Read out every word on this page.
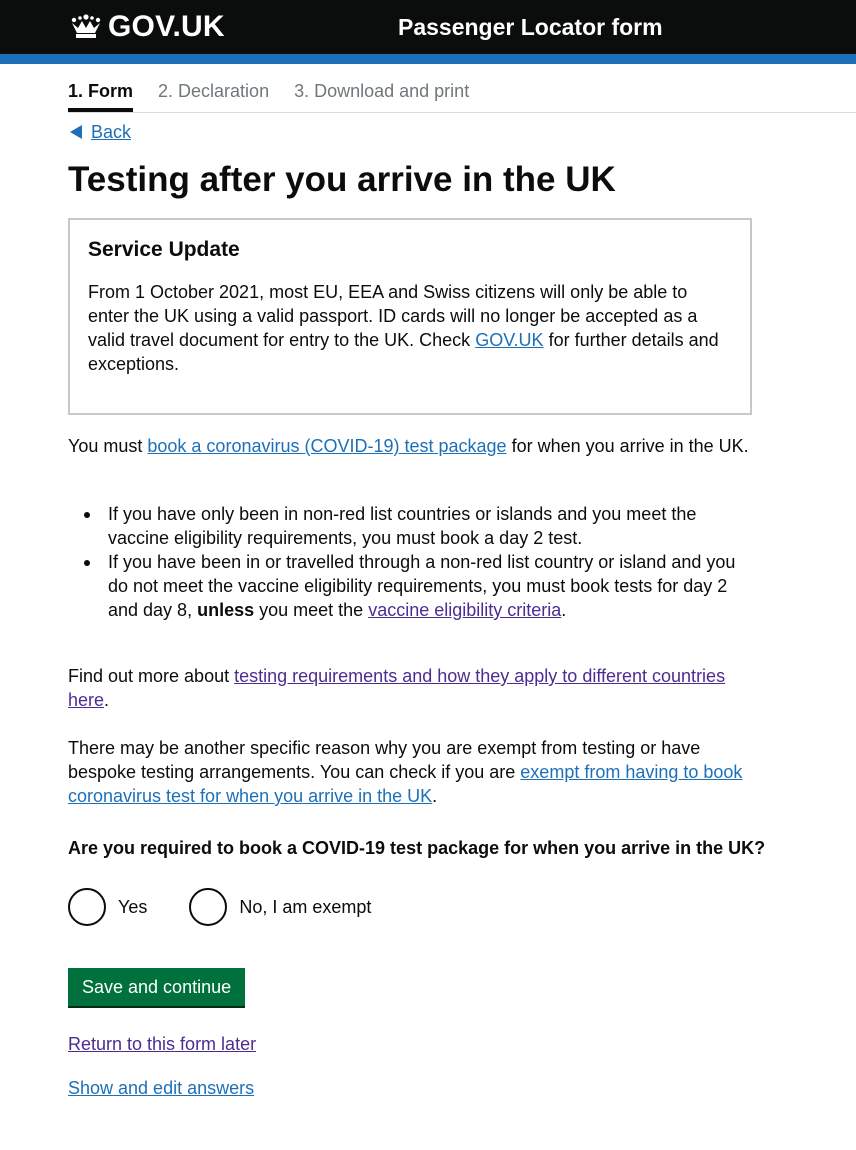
GOV.UK	Passenger Locator form
1. Form 2. Declaration 3. Download and print
Back
Testing after you arrive in the UK
Service Update

From 1 October 2021, most EU, EEA and Swiss citizens will only be able to enter the UK using a valid passport. ID cards will no longer be accepted as a valid travel document for entry to the UK. Check GOV.UK for further details and exceptions.

You must book a coronavirus (COVID-19) test package for when you arrive in the UK.

If you have only been in non-red list countries or islands and you meet the vaccine eligibility requirements, you must book a day 2 test.
If you have been in or travelled through a non-red list country or island and you do not meet the vaccine eligibility requirements, you must book tests for day 2 and day 8, unless you meet the vaccine eligibility criteria.

Find out more about testing requirements and how they apply to different countries here.

There may be another specific reason why you are exempt from testing or have bespoke testing arrangements. You can check if you are exempt from having to book coronavirus test for when you arrive in the UK.

Are you required to book a COVID-19 test package for when you arrive in the UK?
Yes	No, I am exempt
Save and continue
Return to this form later
Show and edit answers
